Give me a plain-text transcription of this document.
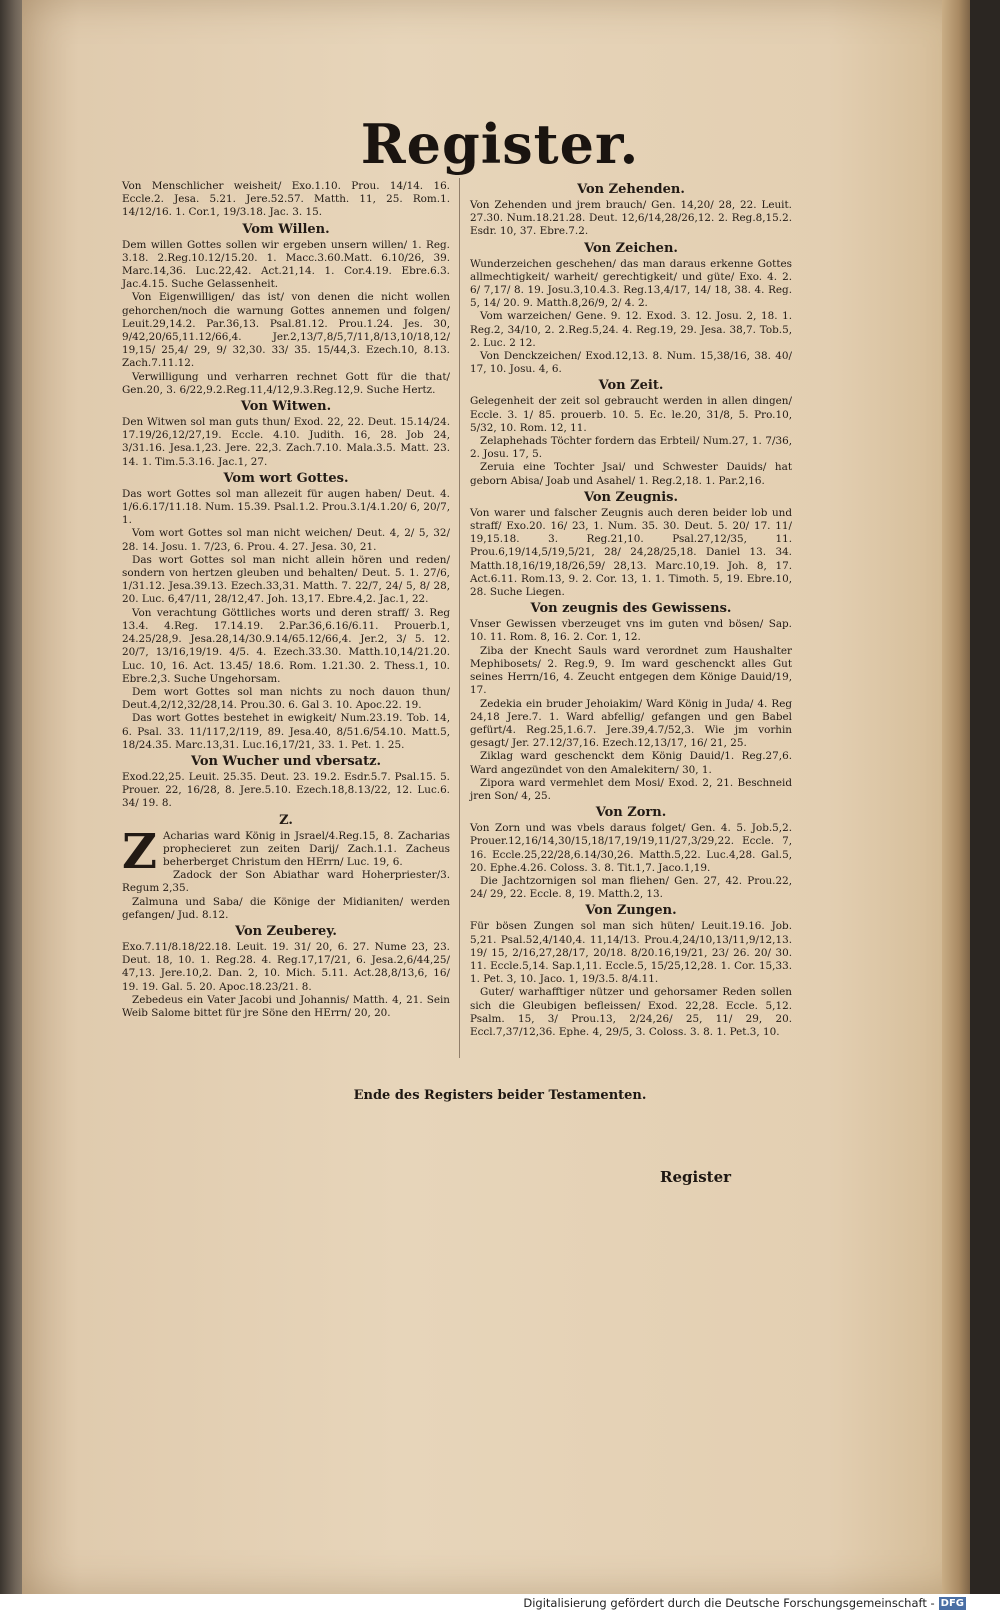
Register.

Von Menschlicher weisheit/ Exo.1.10. Prou. 14/14. 16. Eccle.2. Jesa. 5.21. Jere.52.57. Matth. 11, 25. Rom.1. 14/12/16. 1. Cor.1, 19/3.18. Jac. 3. 15.

Vom Willen.

Dem willen Gottes sollen wir ergeben unsern willen/ 1. Reg. 3.18. 2.Reg.10.12/15.20. 1. Macc.3.60.Matt. 6.10/26, 39. Marc.14,36. Luc.22,42. Act.21,14. 1. Cor.4.19. Ebre.6.3. Jac.4.15. Suche Gelassenheit.

Von Eigenwilligen/ das ist/ von denen die nicht wollen gehorchen/noch die warnung Gottes annemen und folgen/ Leuit.29,14.2. Par.36,13. Psal.81.12. Prou.1.24. Jes. 30, 9/42,20/65,11.12/66,4. Jer.2,13/7,8/5,7/11,8/13,10/18,12/ 19,15/ 25,4/ 29, 9/ 32,30. 33/ 35. 15/44,3. Ezech.10, 8.13. Zach.7.11.12.

Verwilligung und verharren rechnet Gott für die that/ Gen.20, 3. 6/22,9.2.Reg.11,4/12,9.3.Reg.12,9. Suche Hertz.

Von Witwen.

Den Witwen sol man guts thun/ Exod. 22, 22. Deut. 15.14/24. 17.19/26,12/27,19. Eccle. 4.10. Judith. 16, 28. Job 24, 3/31.16. Jesa.1,23. Jere. 22,3. Zach.7.10. Mala.3.5. Matt. 23. 14. 1. Tim.5.3.16. Jac.1, 27.

Vom wort Gottes.

Das wort Gottes sol man allezeit für augen haben/ Deut. 4. 1/6.6.17/11.18. Num. 15.39. Psal.1.2. Prou.3.1/4.1.20/ 6, 20/7, 1.

Vom wort Gottes sol man nicht weichen/ Deut. 4, 2/ 5, 32/ 28. 14. Josu. 1. 7/23, 6. Prou. 4. 27. Jesa. 30, 21.

Das wort Gottes sol man nicht allein hören und reden/ sondern von hertzen gleuben und behalten/ Deut. 5. 1. 27/6, 1/31.12. Jesa.39.13. Ezech.33,31. Matth. 7. 22/7, 24/ 5, 8/ 28, 20. Luc. 6,47/11, 28/12,47. Joh. 13,17. Ebre.4,2. Jac.1, 22.

Von verachtung Göttliches worts und deren straff/ 3. Reg 13.4. 4.Reg. 17.14.19. 2.Par.36,6.16/6.11. Prouerb.1, 24.25/28,9. Jesa.28,14/30.9.14/65.12/66,4. Jer.2, 3/ 5. 12. 20/7, 13/16,19/19. 4/5. 4. Ezech.33.30. Matth.10,14/21.20. Luc. 10, 16. Act. 13.45/ 18.6. Rom. 1.21.30. 2. Thess.1, 10. Ebre.2,3. Suche Ungehorsam.

Dem wort Gottes sol man nichts zu noch dauon thun/ Deut.4,2/12,32/28,14. Prou.30. 6. Gal 3. 10. Apoc.22. 19.

Das wort Gottes bestehet in ewigkeit/ Num.23.19. Tob. 14, 6. Psal. 33. 11/117,2/119, 89. Jesa.40, 8/51.6/54.10. Matt.5, 18/24.35. Marc.13,31. Luc.16,17/21, 33. 1. Pet. 1. 25.

Von Wucher und vbersatz.

Exod.22,25. Leuit. 25.35. Deut. 23. 19.2. Esdr.5.7. Psal.15. 5. Prouer. 22, 16/28, 8. Jere.5.10. Ezech.18,8.13/22, 12. Luc.6. 34/ 19. 8.

Z.

Z Acharias ward König in Jsrael/4.Reg.15, 8. Zacharias prophecieret zun zeiten Darij/ Zach.1.1. Zacheus beherberget Christum den HErrn/ Luc. 19, 6.

Zadock der Son Abiathar ward Hoherpriester/3. Regum 2,35.

Zalmuna und Saba/ die Könige der Midianiten/ werden gefangen/ Jud. 8.12.

Von Zeuberey.

Exo.7.11/8.18/22.18. Leuit. 19. 31/ 20, 6. 27. Nume 23, 23. Deut. 18, 10. 1. Reg.28. 4. Reg.17,17/21, 6. Jesa.2,6/44,25/ 47,13. Jere.10,2. Dan. 2, 10. Mich. 5.11. Act.28,8/13,6, 16/ 19. 19. Gal. 5. 20. Apoc.18.23/21. 8.

Zebedeus ein Vater Jacobi und Johannis/ Matth. 4, 21. Sein Weib Salome bittet für jre Söne den HErrn/ 20, 20.

Von Zehenden.

Von Zehenden und jrem brauch/ Gen. 14,20/ 28, 22. Leuit. 27.30. Num.18.21.28. Deut. 12,6/14,28/26,12. 2. Reg.8,15.2. Esdr. 10, 37. Ebre.7.2.

Von Zeichen.

Wunderzeichen geschehen/ das man daraus erkenne Gottes allmechtigkeit/ warheit/ gerechtigkeit/ und güte/ Exo. 4. 2. 6/ 7,17/ 8. 19. Josu.3,10.4.3. Reg.13,4/17, 14/ 18, 38. 4. Reg. 5, 14/ 20. 9. Matth.8,26/9, 2/ 4. 2.

Vom warzeichen/ Gene. 9. 12. Exod. 3. 12. Josu. 2, 18. 1. Reg.2, 34/10, 2. 2.Reg.5,24. 4. Reg.19, 29. Jesa. 38,7. Tob.5, 2. Luc. 2 12.

Von Denckzeichen/ Exod.12,13. 8. Num. 15,38/16, 38. 40/ 17, 10. Josu. 4, 6.

Von Zeit.

Gelegenheit der zeit sol gebraucht werden in allen dingen/ Eccle. 3. 1/ 85. prouerb. 10. 5. Ec. le.20, 31/8, 5. Pro.10, 5/32, 10. Rom. 12, 11.

Zelaphehads Töchter fordern das Erbteil/ Num.27, 1. 7/36, 2. Josu. 17, 5.

Zeruia eine Tochter Jsai/ und Schwester Dauids/ hat geborn Abisa/ Joab und Asahel/ 1. Reg.2,18. 1. Par.2,16.

Von Zeugnis.

Von warer und falscher Zeugnis auch deren beider lob und straff/ Exo.20. 16/ 23, 1. Num. 35. 30. Deut. 5. 20/ 17. 11/ 19,15.18. 3. Reg.21,10. Psal.27,12/35, 11. Prou.6,19/14,5/19,5/21, 28/ 24,28/25,18. Daniel 13. 34. Matth.18,16/19,18/26,59/ 28,13. Marc.10,19. Joh. 8, 17. Act.6.11. Rom.13, 9. 2. Cor. 13, 1. 1. Timoth. 5, 19. Ebre.10, 28. Suche Liegen.

Von zeugnis des Gewissens.

Vnser Gewissen vberzeuget vns im guten vnd bösen/ Sap. 10. 11. Rom. 8, 16. 2. Cor. 1, 12.

Ziba der Knecht Sauls ward verordnet zum Haushalter Mephibosets/ 2. Reg.9, 9. Im ward geschenckt alles Gut seines Herrn/16, 4. Zeucht entgegen dem Könige Dauid/19, 17.

Zedekia ein bruder Jehoiakim/ Ward König in Juda/ 4. Reg 24,18 Jere.7. 1. Ward abfellig/ gefangen und gen Babel gefürt/4. Reg.25,1.6.7. Jere.39,4.7/52,3. Wie jm vorhin gesagt/ Jer. 27.12/37,16. Ezech.12,13/17, 16/ 21, 25.

Ziklag ward geschenckt dem König Dauid/1. Reg.27,6. Ward angezündet von den Amalekitern/ 30, 1.

Zipora ward vermehlet dem Mosi/ Exod. 2, 21. Beschneid jren Son/ 4, 25.

Von Zorn.

Von Zorn und was vbels daraus folget/ Gen. 4. 5. Job.5,2. Prouer.12,16/14,30/15,18/17,19/19,11/27,3/29,22. Eccle. 7, 16. Eccle.25,22/28,6.14/30,26. Matth.5,22. Luc.4,28. Gal.5, 20. Ephe.4.26. Coloss. 3. 8. Tit.1,7. Jaco.1,19.

Die Jachtzornigen sol man fliehen/ Gen. 27, 42. Prou.22, 24/ 29, 22. Eccle. 8, 19. Matth.2, 13.

Von Zungen.

Für bösen Zungen sol man sich hüten/ Leuit.19.16. Job. 5,21. Psal.52,4/140,4. 11,14/13. Prou.4,24/10,13/11,9/12,13. 19/ 15, 2/16,27,28/17, 20/18. 8/20.16,19/21, 23/ 26. 20/ 30. 11. Eccle.5,14. Sap.1,11. Eccle.5, 15/25,12,28. 1. Cor. 15,33. 1. Pet. 3, 10. Jaco. 1, 19/3.5. 8/4.11.

Guter/ warhafftiger nützer und gehorsamer Reden sollen sich die Gleubigen befleissen/ Exod. 22,28. Eccle. 5,12. Psalm. 15, 3/ Prou.13, 2/24,26/ 25, 11/ 29, 20. Eccl.7,37/12,36. Ephe. 4, 29/5, 3. Coloss. 3. 8. 1. Pet.3, 10.

Ende des Registers beider Testamenten.
Register
Digitalisierung gefördert durch die Deutsche Forschungsgemeinschaft - DFG
